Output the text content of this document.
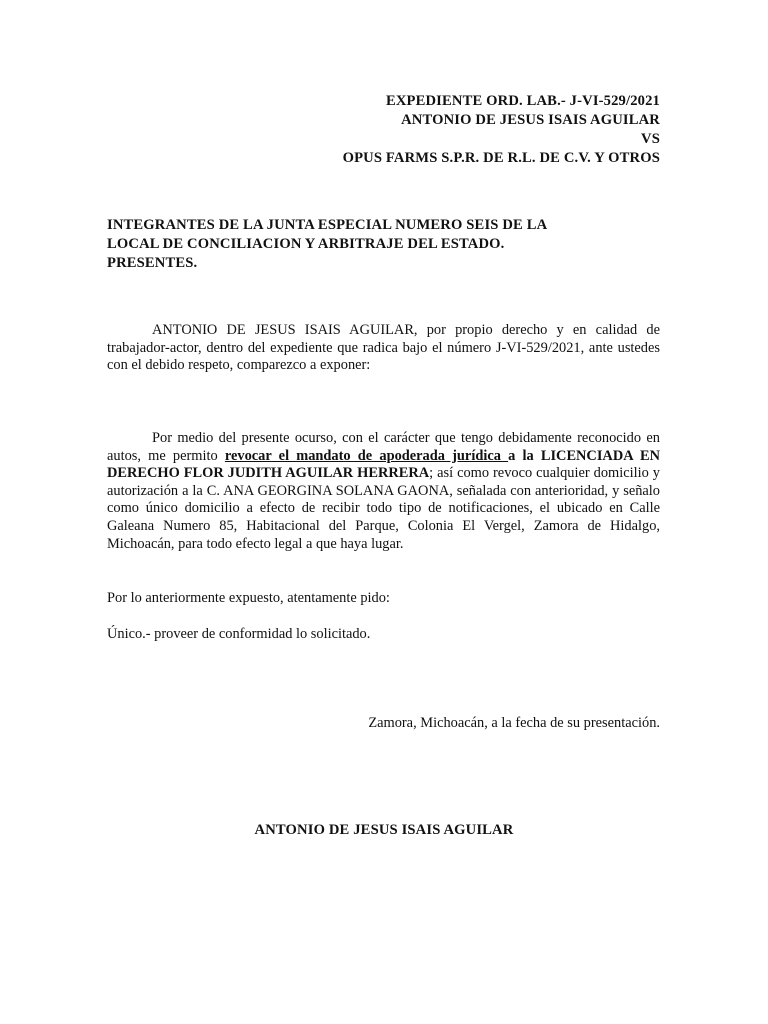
EXPEDIENTE ORD. LAB.- J-VI-529/2021
ANTONIO DE JESUS ISAIS AGUILAR
VS
OPUS FARMS S.P.R. DE R.L. DE C.V. Y OTROS
INTEGRANTES DE LA JUNTA ESPECIAL NUMERO SEIS DE LA
LOCAL DE CONCILIACION Y ARBITRAJE DEL ESTADO.
PRESENTES.
ANTONIO DE JESUS ISAIS AGUILAR, por propio derecho y en calidad de trabajador-actor, dentro del expediente que radica bajo el número J-VI-529/2021, ante ustedes con el debido respeto, comparezco a exponer:
Por medio del presente ocurso, con el carácter que tengo debidamente reconocido en autos, me permito revocar el mandato de apoderada jurídica a la LICENCIADA EN DERECHO FLOR JUDITH AGUILAR HERRERA; así como revoco cualquier domicilio y autorización a la C. ANA GEORGINA SOLANA GAONA, señalada con anterioridad, y señalo como único domicilio a efecto de recibir todo tipo de notificaciones, el ubicado en Calle Galeana Numero 85, Habitacional del Parque, Colonia El Vergel, Zamora de Hidalgo, Michoacán, para todo efecto legal a que haya lugar.
Por lo anteriormente expuesto, atentamente pido:
Único.- proveer de conformidad lo solicitado.
Zamora, Michoacán, a la fecha de su presentación.
ANTONIO DE JESUS ISAIS AGUILAR
